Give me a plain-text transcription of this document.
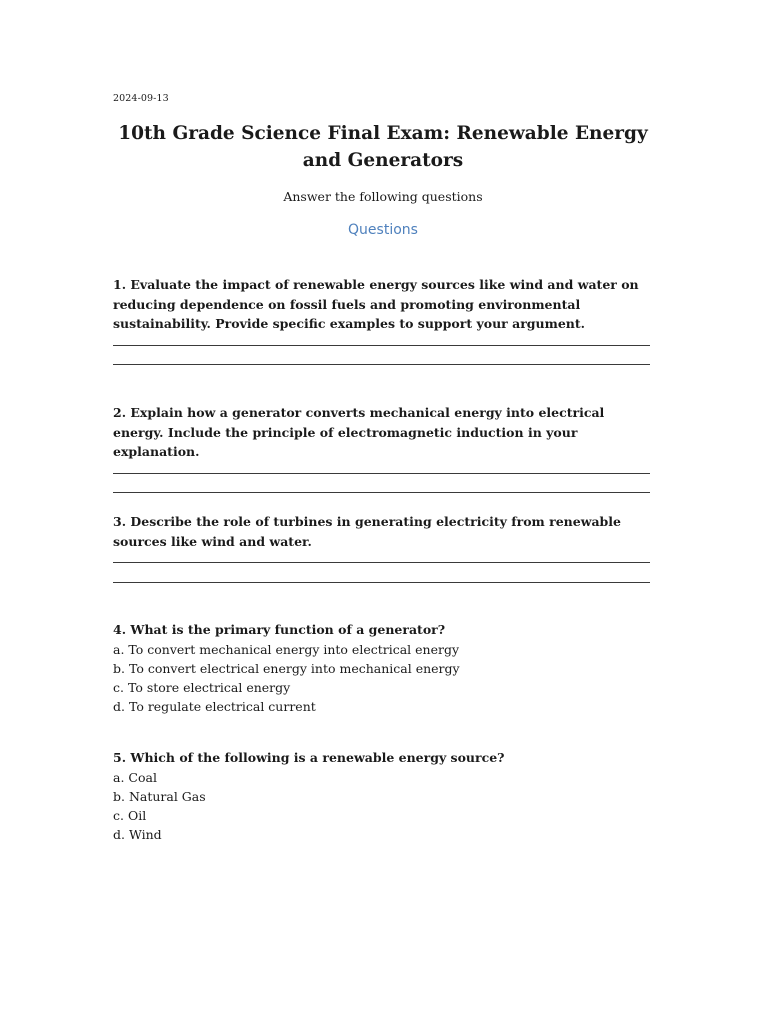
2024-09-13
10th Grade Science Final Exam: Renewable Energy and Generators
Answer the following questions
Questions

1. Evaluate the impact of renewable energy sources like wind and water on reducing dependence on fossil fuels and promoting environmental sustainability. Provide specific examples to support your argument.

2. Explain how a generator converts mechanical energy into electrical energy. Include the principle of electromagnetic induction in your explanation.

3. Describe the role of turbines in generating electricity from renewable sources like wind and water.

4. What is the primary function of a generator?

a. To convert mechanical energy into electrical energy
b. To convert electrical energy into mechanical energy
c. To store electrical energy
d. To regulate electrical current

5. Which of the following is a renewable energy source?

a. Coal
b. Natural Gas
c. Oil
d. Wind
